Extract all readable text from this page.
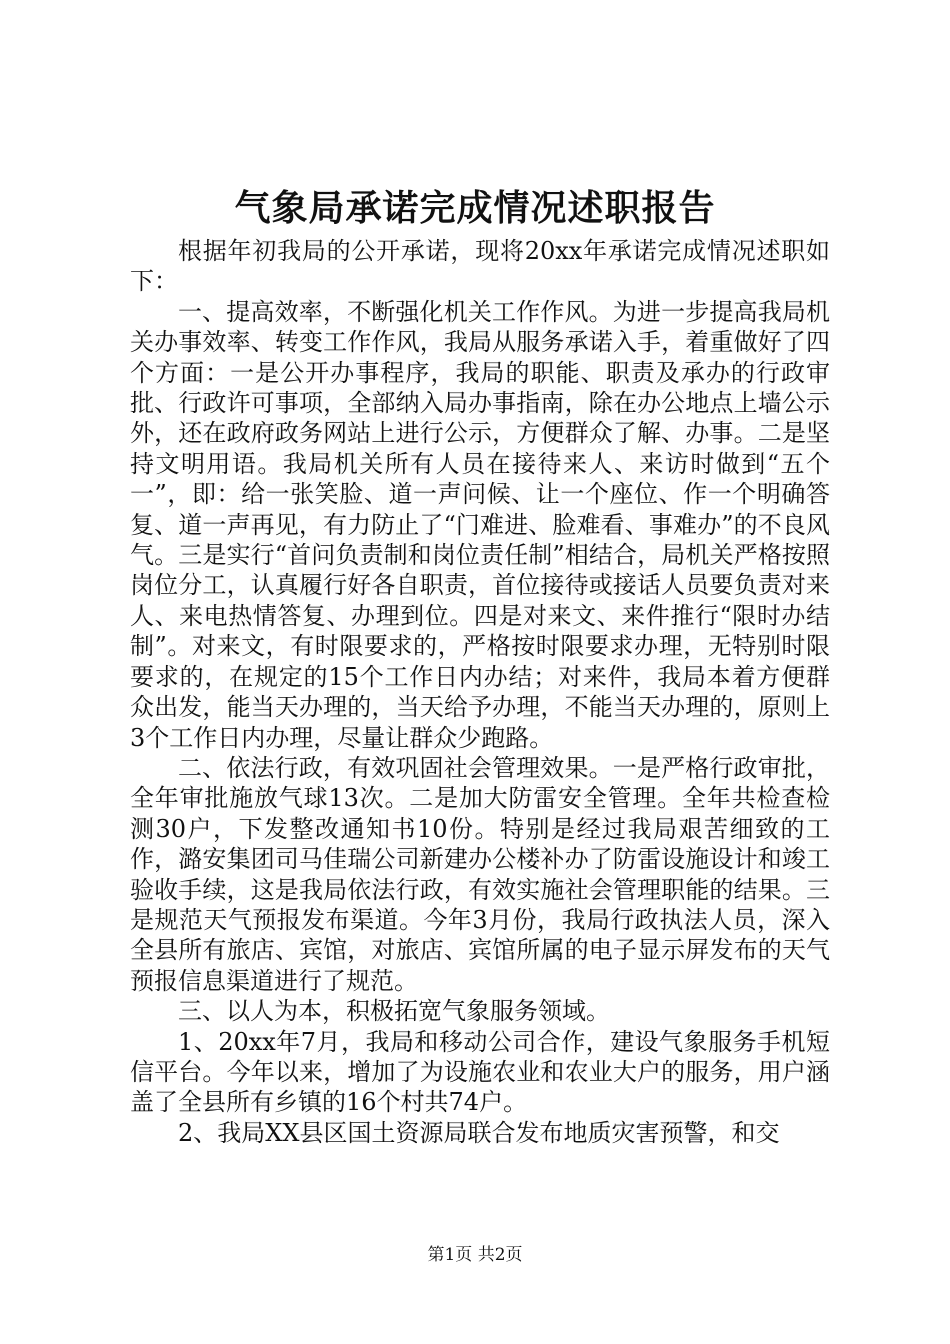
气象局承诺完成情况述职报告

根据年初我局的公开承诺，现将20xx年承诺完成情况述职如下：

一、提高效率，不断强化机关工作作风。为进一步提高我局机关办事效率、转变工作作风，我局从服务承诺入手，着重做好了四个方面：一是公开办事程序，我局的职能、职责及承办的行政审批、行政许可事项，全部纳入局办事指南，除在办公地点上墙公示外，还在政府政务网站上进行公示，方便群众了解、办事。二是坚持文明用语。我局机关所有人员在接待来人、来访时做到“五个一”，即：给一张笑脸、道一声问候、让一个座位、作一个明确答复、道一声再见，有力防止了“门难进、脸难看、事难办”的不良风气。三是实行“首问负责制和岗位责任制”相结合，局机关严格按照岗位分工，认真履行好各自职责，首位接待或接话人员要负责对来人、来电热情答复、办理到位。四是对来文、来件推行“限时办结制”。对来文，有时限要求的，严格按时限要求办理，无特别时限要求的，在规定的15个工作日内办结；对来件，我局本着方便群众出发，能当天办理的，当天给予办理，不能当天办理的，原则上3个工作日内办理，尽量让群众少跑路。

二、依法行政，有效巩固社会管理效果。一是严格行政审批，全年审批施放气球13次。二是加大防雷安全管理。全年共检查检测30户，下发整改通知书10份。特别是经过我局艰苦细致的工作，潞安集团司马佳瑞公司新建办公楼补办了防雷设施设计和竣工验收手续，这是我局依法行政，有效实施社会管理职能的结果。三是规范天气预报发布渠道。今年3月份，我局行政执法人员，深入全县所有旅店、宾馆，对旅店、宾馆所属的电子显示屏发布的天气预报信息渠道进行了规范。

三、以人为本，积极拓宽气象服务领域。

1、20xx年7月，我局和移动公司合作，建设气象服务手机短信平台。今年以来，增加了为设施农业和农业大户的服务，用户涵盖了全县所有乡镇的16个村共74户。

2、我局XX县区国土资源局联合发布地质灾害预警，和交

第1页 共2页
